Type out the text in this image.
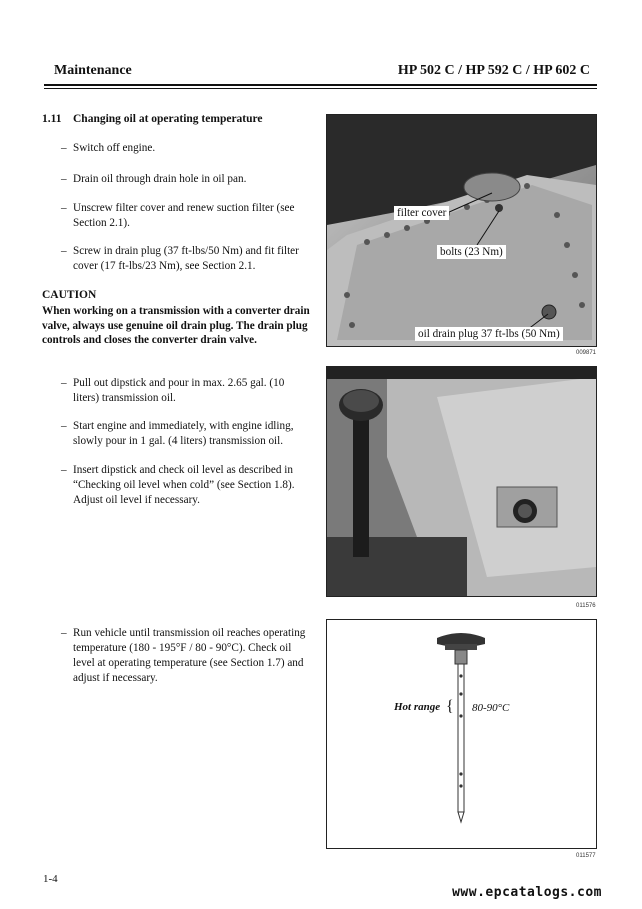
Maintenance	HP 502 C / HP 592 C / HP 602 C
1.11 Changing oil at operating temperature
– Switch off engine.
– Drain oil through drain hole in oil pan.
– Unscrew filter cover and renew suction filter (see Section 2.1).
– Screw in drain plug (37 ft-lbs/50 Nm) and fit filter cover (17 ft-lbs/23 Nm), see Section 2.1.
CAUTION
When working on a transmission with a converter drain valve, always use genuine oil drain plug. The drain plug controls and closes the converter drain valve.
– Pull out dipstick and pour in max. 2.65 gal. (10 liters) transmission oil.
– Start engine and immediately, with engine idling, slowly pour in 1 gal. (4 liters) transmission oil.
– Insert dipstick and check oil level as described in “Checking oil level when cold” (see Section 1.8). Adjust oil level if necessary.
– Run vehicle until transmission oil reaches operating temperature (180 - 195°F / 80 - 90°C). Check oil level at operating temperature (see Section 1.7) and adjust if necessary.
filter cover
bolts (23 Nm)
oil drain plug 37 ft-lbs (50 Nm)
009871
011576
Hot range { 80-90°C
011577
1-4
www.epcatalogs.com
